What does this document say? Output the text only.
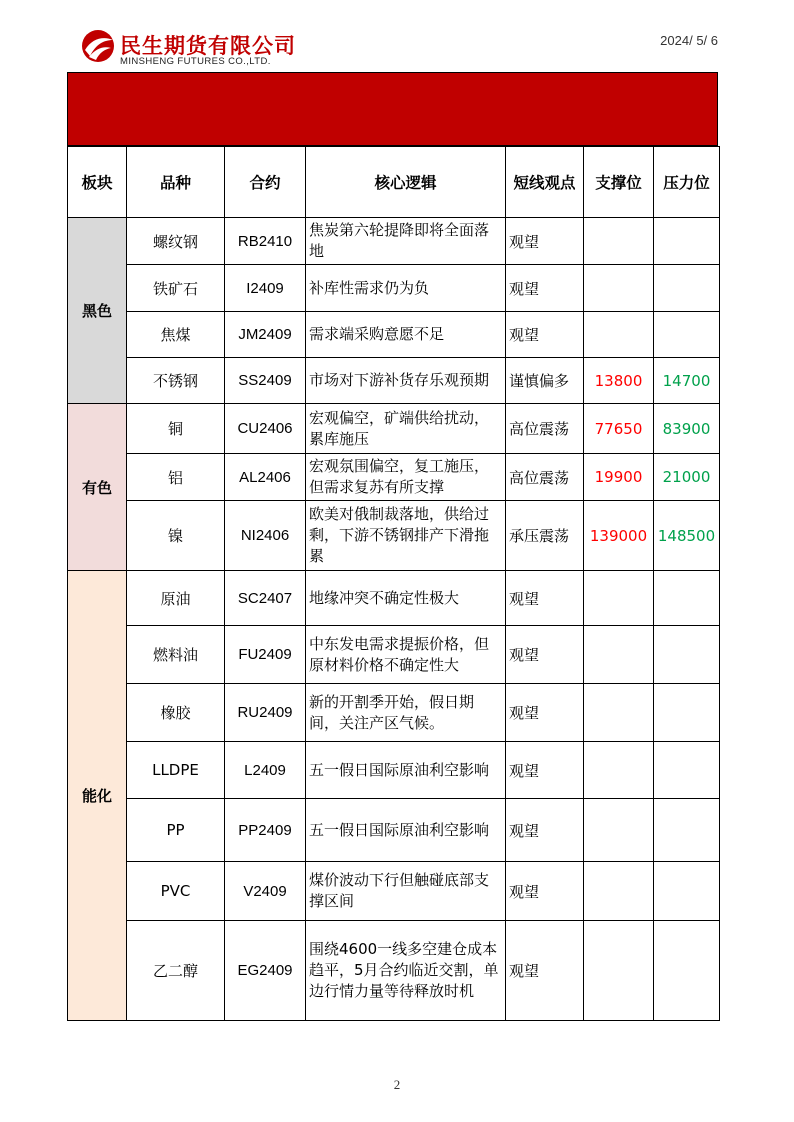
民生期货有限公司
MINSHENG FUTURES CO.,LTD.
2024/ 5/ 6
板块	品种	合约	核心逻辑	短线观点	支撑位	压力位
黑色	螺纹钢	RB2410	焦炭第六轮提降即将全面落地	观望		
	铁矿石	I2409	补库性需求仍为负	观望		
	焦煤	JM2409	需求端采购意愿不足	观望		
	不锈钢	SS2409	市场对下游补货存乐观预期	谨慎偏多	13800	14700
有色	铜	CU2406	宏观偏空，矿端供给扰动，累库施压	高位震荡	77650	83900
	铝	AL2406	宏观氛围偏空，复工施压，但需求复苏有所支撑	高位震荡	19900	21000
	镍	NI2406	欧美对俄制裁落地，供给过剩，下游不锈钢排产下滑拖累	承压震荡	139000	148500
能化	原油	SC2407	地缘冲突不确定性极大	观望		
	燃料油	FU2409	中东发电需求提振价格，但原材料价格不确定性大	观望		
	橡胶	RU2409	新的开割季开始，假日期间，关注产区气候。	观望		
	LLDPE	L2409	五一假日国际原油利空影响	观望		
	PP	PP2409	五一假日国际原油利空影响	观望		
	PVC	V2409	煤价波动下行但触碰底部支撑区间	观望		
	乙二醇	EG2409	围绕4600一线多空建仓成本趋平，5月合约临近交割，单边行情力量等待释放时机	观望		
2
